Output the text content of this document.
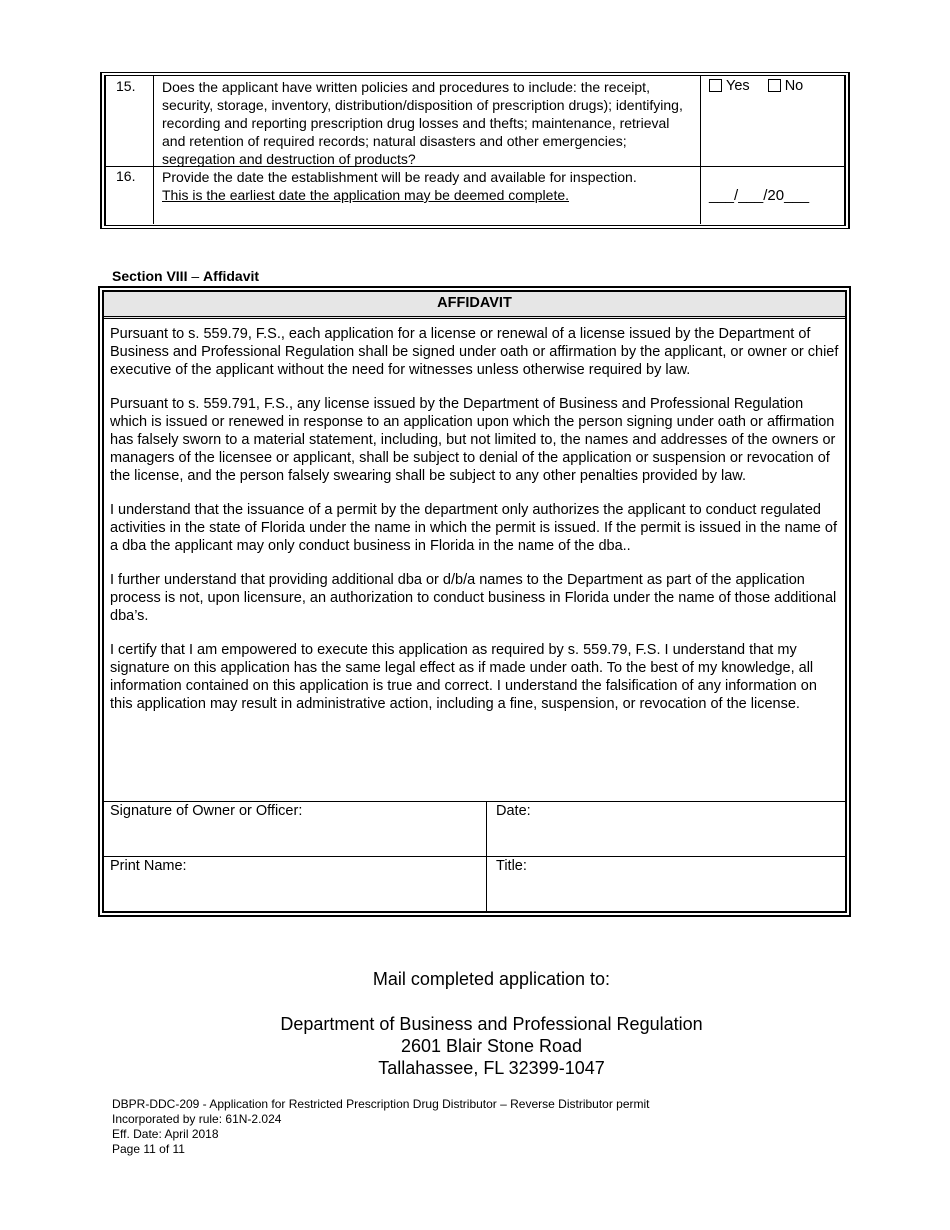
15.	Does the applicant have written policies and procedures to include: the receipt, security, storage, inventory, distribution/disposition of prescription drugs); identifying, recording and reporting prescription drug losses and thefts; maintenance, retrieval and retention of required records; natural disasters and other emergencies; segregation and destruction of products?
Yes No
16.	Provide the date the establishment will be ready and available for inspection.
This is the earliest date the application may be deemed complete.	___/___/20___
Section VIII – Affidavit
AFFIDAVIT

Pursuant to s. 559.79, F.S., each application for a license or renewal of a license issued by the Department of Business and Professional Regulation shall be signed under oath or affirmation by the applicant, or owner or chief executive of the applicant without the need for witnesses unless otherwise required by law.

Pursuant to s. 559.791, F.S., any license issued by the Department of Business and Professional Regulation which is issued or renewed in response to an application upon which the person signing under oath or affirmation has falsely sworn to a material statement, including, but not limited to, the names and addresses of the owners or managers of the licensee or applicant, shall be subject to denial of the application or suspension or revocation of the license, and the person falsely swearing shall be subject to any other penalties provided by law.

I understand that the issuance of a permit by the department only authorizes the applicant to conduct regulated activities in the state of Florida under the name in which the permit is issued. If the permit is issued in the name of a dba the applicant may only conduct business in Florida in the name of the dba..

I further understand that providing additional dba or d/b/a names to the Department as part of the application process is not, upon licensure, an authorization to conduct business in Florida under the name of those additional dba’s.

I certify that I am empowered to execute this application as required by s. 559.79, F.S. I understand that my signature on this application has the same legal effect as if made under oath. To the best of my knowledge, all information contained on this application is true and correct. I understand the falsification of any information on this application may result in administrative action, including a fine, suspension, or revocation of the license.

Signature of Owner or Officer:	Date:
Print Name:	Title:
Mail completed application to:
Department of Business and Professional Regulation
2601 Blair Stone Road
Tallahassee, FL 32399-1047
DBPR-DDC-209 - Application for Restricted Prescription Drug Distributor – Reverse Distributor permit
Incorporated by rule: 61N-2.024
Eff. Date: April 2018
Page 11 of 11
